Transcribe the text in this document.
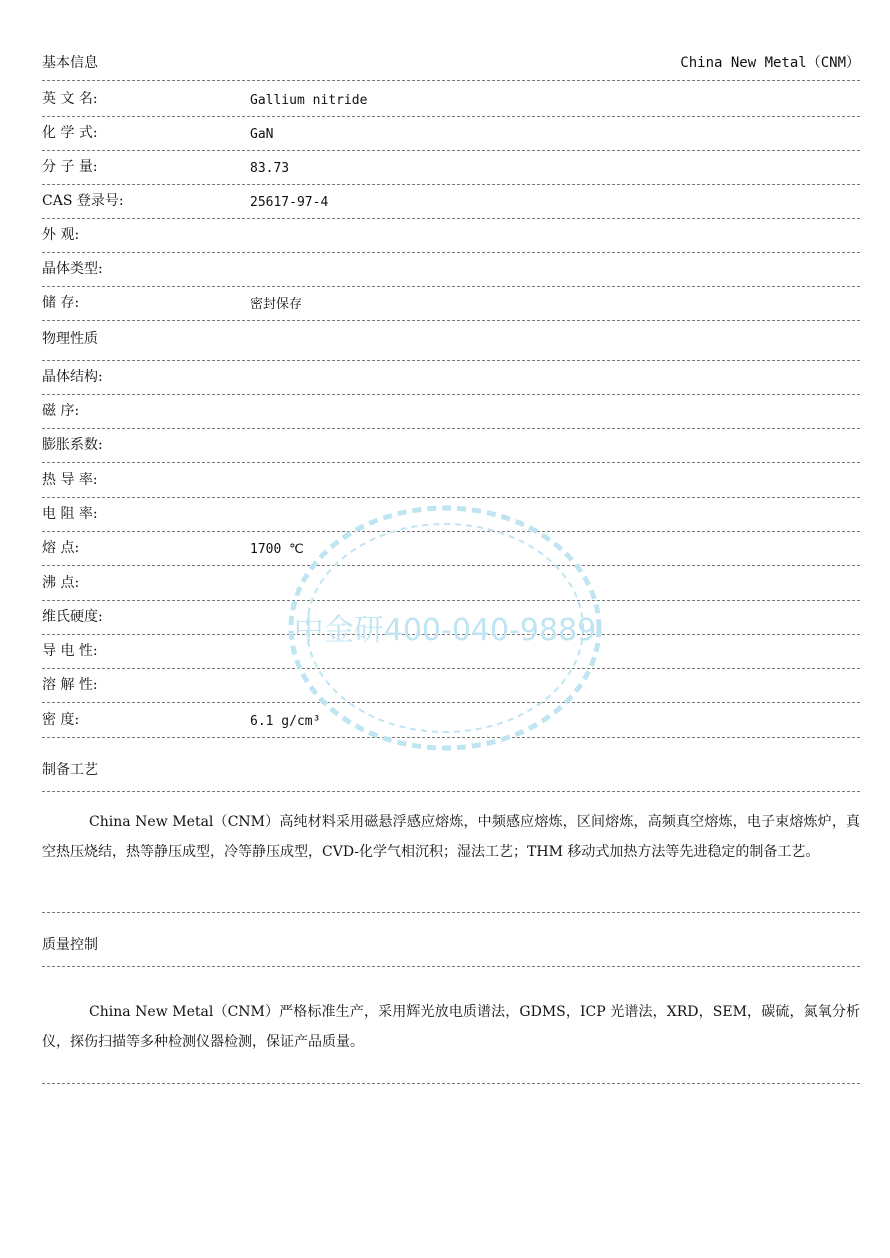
基本信息	China New Metal（CNM）
英 文 名:	Gallium nitride
化 学 式:	GaN
分 子 量:	83.73
CAS 登录号:	25617-97-4
外 观:
晶体类型:
储 存:	密封保存
物理性质
晶体结构:
磁 序:
膨胀系数:
热 导 率:
电 阻 率:
熔 点:	1700 ℃
沸 点:
维氏硬度:
导 电 性:
溶 解 性:
密 度:	6.1 g/cm³
制备工艺
China New Metal（CNM）高纯材料采用磁悬浮感应熔炼，中频感应熔炼，区间熔炼，高频真空熔炼，电子束熔炼炉，真空热压烧结，热等静压成型，冷等静压成型，CVD-化学气相沉积；湿法工艺；THM 移动式加热方法等先进稳定的制备工艺。
质量控制
China New Metal（CNM）严格标准生产，采用辉光放电质谱法，GDMS，ICP 光谱法，XRD，SEM，碳硫，氮氧分析仪，探伤扫描等多种检测仪器检测，保证产品质量。
中金研400-040-9889
